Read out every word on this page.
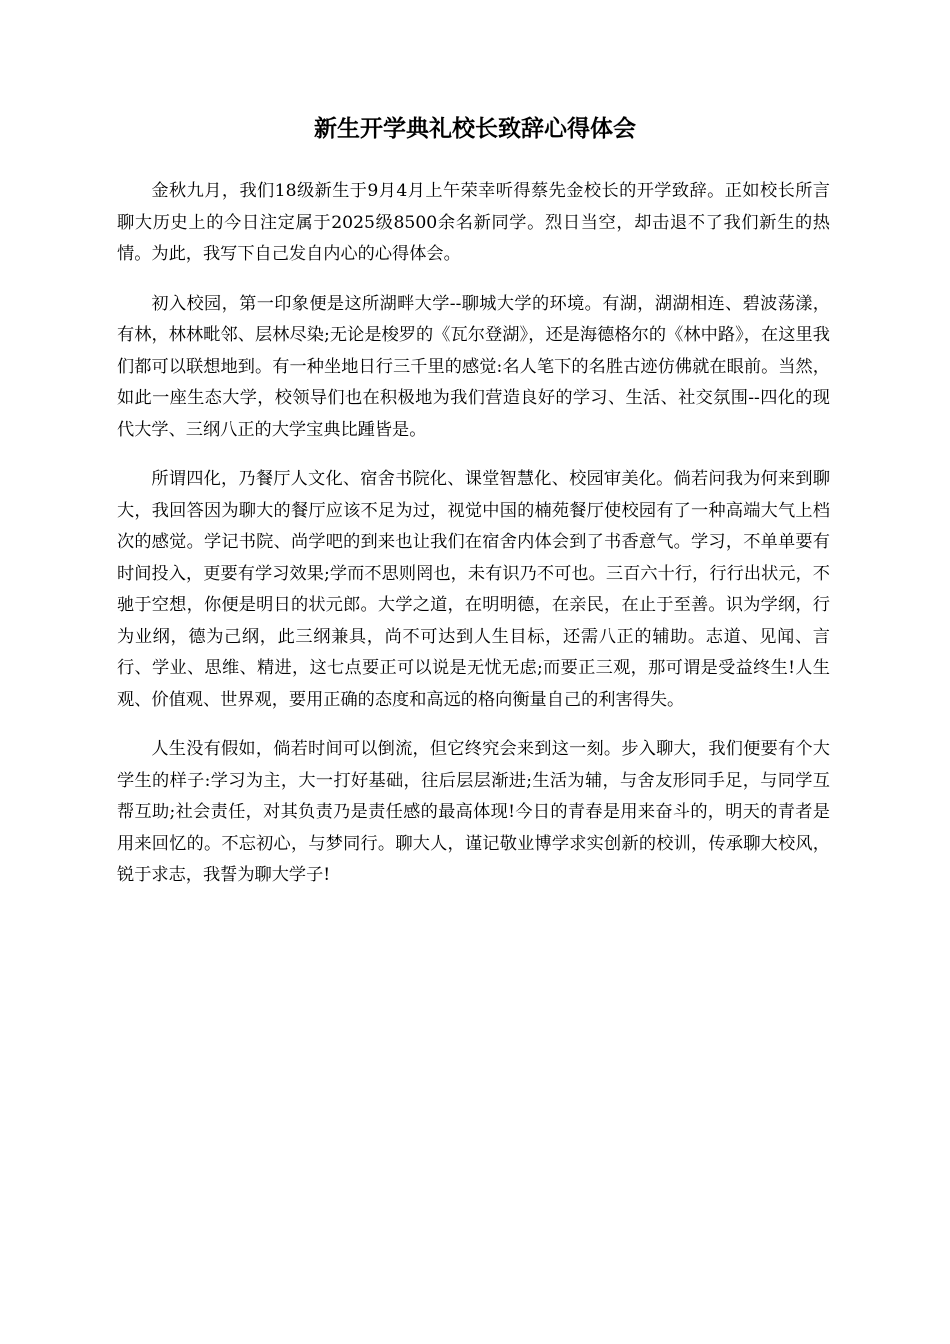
新生开学典礼校长致辞心得体会

金秋九月，我们18级新生于9月4月上午荣幸听得蔡先金校长的开学致辞。正如校长所言聊大历史上的今日注定属于2025级8500余名新同学。烈日当空，却击退不了我们新生的热情。为此，我写下自己发自内心的心得体会。

初入校园，第一印象便是这所湖畔大学--聊城大学的环境。有湖，湖湖相连、碧波荡漾，有林，林林毗邻、层林尽染;无论是梭罗的《瓦尔登湖》，还是海德格尔的《林中路》，在这里我们都可以联想地到。有一种坐地日行三千里的感觉:名人笔下的名胜古迹仿佛就在眼前。当然，如此一座生态大学，校领导们也在积极地为我们营造良好的学习、生活、社交氛围--四化的现代大学、三纲八正的大学宝典比踵皆是。

所谓四化，乃餐厅人文化、宿舍书院化、课堂智慧化、校园审美化。倘若问我为何来到聊大，我回答因为聊大的餐厅应该不足为过，视觉中国的楠苑餐厅使校园有了一种高端大气上档次的感觉。学记书院、尚学吧的到来也让我们在宿舍内体会到了书香意气。学习，不单单要有时间投入，更要有学习效果;学而不思则罔也，未有识乃不可也。三百六十行，行行出状元，不驰于空想，你便是明日的状元郎。大学之道，在明明德，在亲民，在止于至善。识为学纲，行为业纲，德为己纲，此三纲兼具，尚不可达到人生目标，还需八正的辅助。志道、见闻、言行、学业、思维、精进，这七点要正可以说是无忧无虑;而要正三观，那可谓是受益终生!人生观、价值观、世界观，要用正确的态度和高远的格向衡量自己的利害得失。

人生没有假如，倘若时间可以倒流，但它终究会来到这一刻。步入聊大，我们便要有个大学生的样子:学习为主，大一打好基础，往后层层渐进;生活为辅，与舍友形同手足，与同学互帮互助;社会责任，对其负责乃是责任感的最高体现!今日的青春是用来奋斗的，明天的青者是用来回忆的。不忘初心，与梦同行。聊大人，谨记敬业博学求实创新的校训，传承聊大校风，锐于求志，我誓为聊大学子!
